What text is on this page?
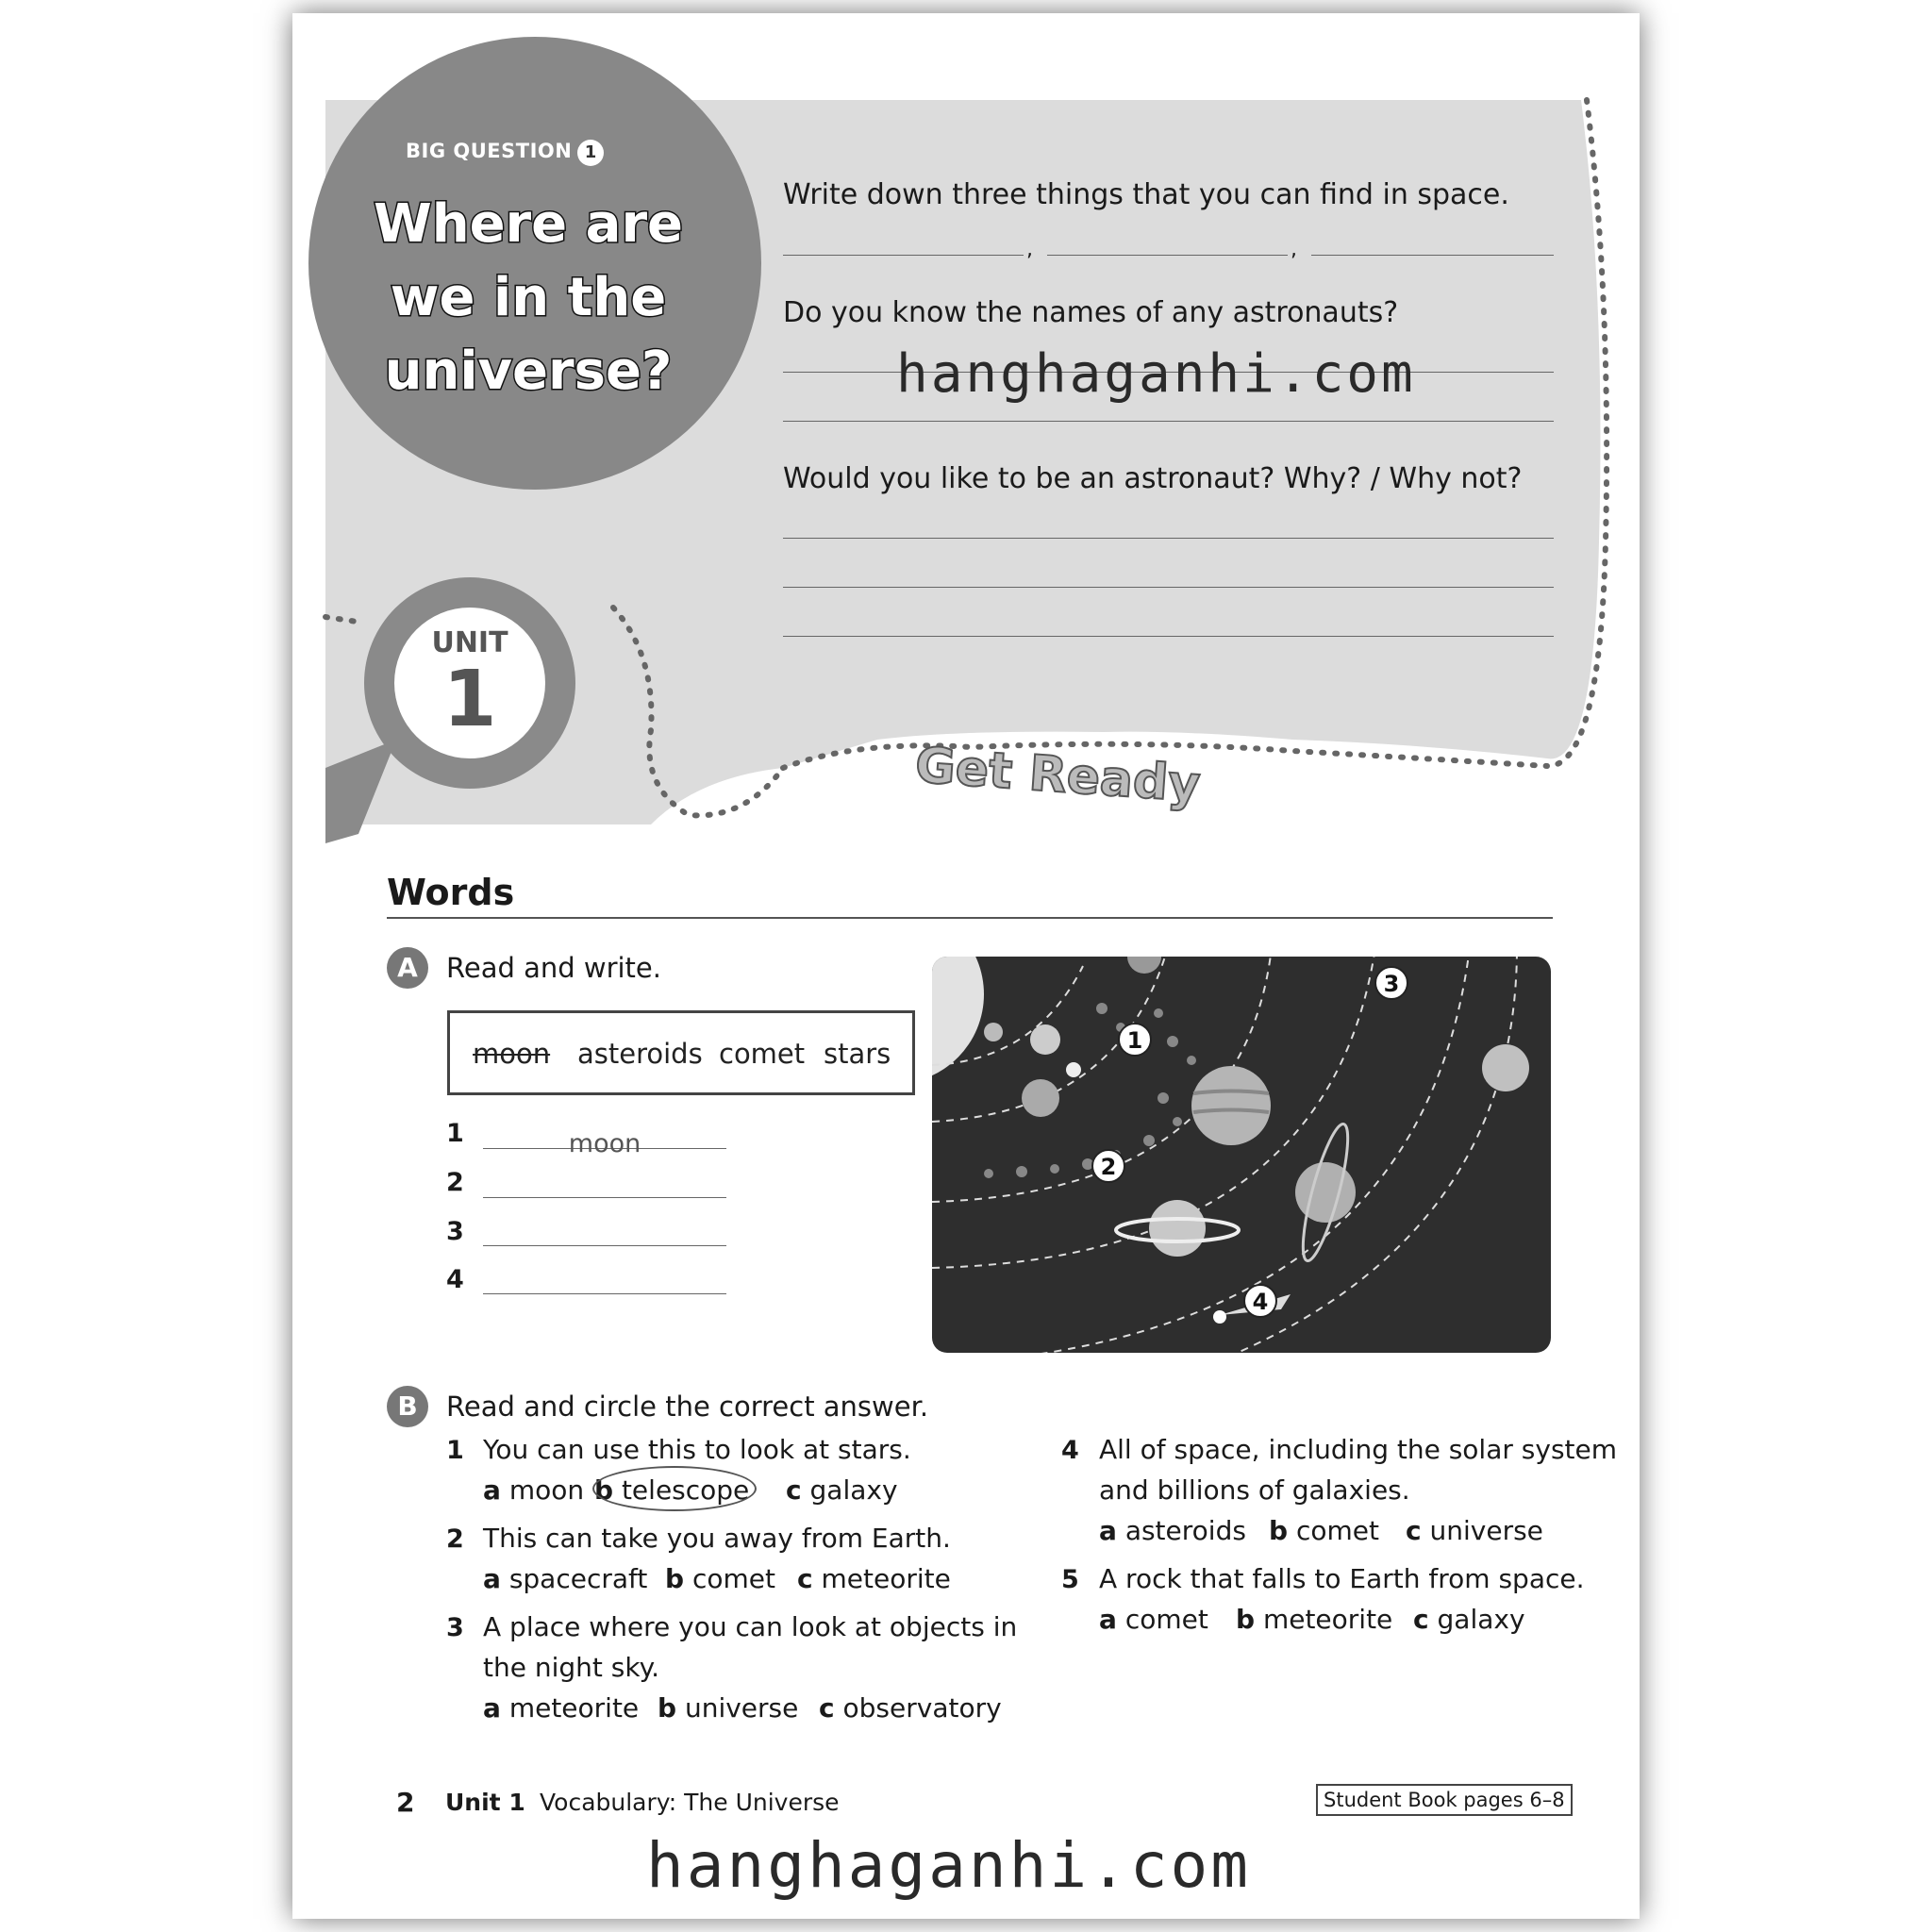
BIG QUESTION 1
Where are
we in the
universe?
UNIT
1
Get Ready
Write down three things that you can find in space.
,	,
Do you know the names of any astronauts?
Would you like to be an astronaut? Why? / Why not?
hanghaganhi.com
Words
A	Read and write.
moon asteroids comet stars
1	moon
2
3
4
1
3
2
4
B	Read and circle the correct answer.
1 You can use this to look at stars.
a moon b telescope c galaxy
2 This can take you away from Earth.
a spacecraft b comet c meteorite
3 A place where you can look at objects in
the night sky.
a meteorite b universe c observatory
4 All of space, including the solar system
and billions of galaxies.
a asteroids b comet c universe
5 A rock that falls to Earth from space.
a comet b meteorite c galaxy
2 Unit 1 Vocabulary: The Universe	Student Book pages 6–8
hanghaganhi.com
